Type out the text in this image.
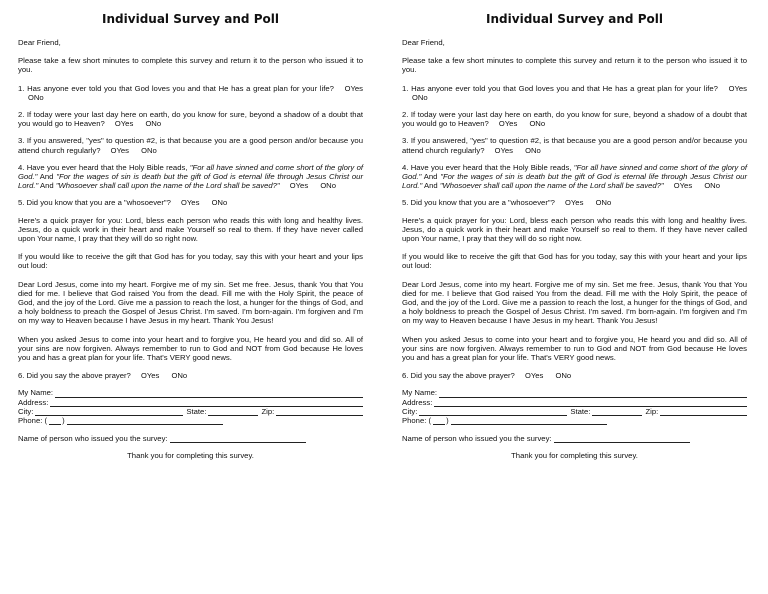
Individual Survey and Poll

Dear Friend,

Please take a few short minutes to complete this survey and return it to the person who issued it to you.

1. Has anyone ever told you that God loves you and that He has a great plan for your life? OYes ONo

2. If today were your last day here on earth, do you know for sure, beyond a shadow of a doubt that you would go to Heaven? OYes ONo

3. If you answered, "yes" to question #2, is that because you are a good person and/or because you attend church regularly? OYes ONo

4. Have you ever heard that the Holy Bible reads, "For all have sinned and come short of the glory of God." And "For the wages of sin is death but the gift of God is eternal life through Jesus Christ our Lord." And "Whosoever shall call upon the name of the Lord shall be saved?" OYes ONo

5. Did you know that you are a "whosoever"? OYes ONo

Here's a quick prayer for you: Lord, bless each person who reads this with long and healthy lives. Jesus, do a quick work in their heart and make Yourself so real to them. If they have never called upon Your name, I pray that they will do so right now.

If you would like to receive the gift that God has for you today, say this with your heart and your lips out loud:

Dear Lord Jesus, come into my heart. Forgive me of my sin. Set me free. Jesus, thank You that You died for me. I believe that God raised You from the dead. Fill me with the Holy Spirit, the peace of God, and the joy of the Lord. Give me a passion to reach the lost, a hunger for the things of God, and a holy boldness to preach the Gospel of Jesus Christ. I'm saved. I'm born-again. I'm forgiven and I'm on my way to Heaven because I have Jesus in my heart. Thank You Jesus!

When you asked Jesus to come into your heart and to forgive you, He heard you and did so. All of your sins are now forgiven. Always remember to run to God and NOT from God because He loves you and has a great plan for your life. That's VERY good news.

6. Did you say the above prayer? OYes ONo

My Name:
Address:
City:	State:	Zip:
Phone: ( )
Name of person who issued you the survey:
Thank you for completing this survey.
Individual Survey and Poll

Dear Friend,

Please take a few short minutes to complete this survey and return it to the person who issued it to you.

1. Has anyone ever told you that God loves you and that He has a great plan for your life? OYes ONo

2. If today were your last day here on earth, do you know for sure, beyond a shadow of a doubt that you would go to Heaven? OYes ONo

3. If you answered, "yes" to question #2, is that because you are a good person and/or because you attend church regularly? OYes ONo

4. Have you ever heard that the Holy Bible reads, "For all have sinned and come short of the glory of God." And "For the wages of sin is death but the gift of God is eternal life through Jesus Christ our Lord." And "Whosoever shall call upon the name of the Lord shall be saved?" OYes ONo

5. Did you know that you are a "whosoever"? OYes ONo

Here's a quick prayer for you: Lord, bless each person who reads this with long and healthy lives. Jesus, do a quick work in their heart and make Yourself so real to them. If they have never called upon Your name, I pray that they will do so right now.

If you would like to receive the gift that God has for you today, say this with your heart and your lips out loud:

Dear Lord Jesus, come into my heart. Forgive me of my sin. Set me free. Jesus, thank You that You died for me. I believe that God raised You from the dead. Fill me with the Holy Spirit, the peace of God, and the joy of the Lord. Give me a passion to reach the lost, a hunger for the things of God, and a holy boldness to preach the Gospel of Jesus Christ. I'm saved. I'm born-again. I'm forgiven and I'm on my way to Heaven because I have Jesus in my heart. Thank You Jesus!

When you asked Jesus to come into your heart and to forgive you, He heard you and did so. All of your sins are now forgiven. Always remember to run to God and NOT from God because He loves you and has a great plan for your life. That's VERY good news.

6. Did you say the above prayer? OYes ONo

My Name:
Address:
City:	State:	Zip:
Phone: ( )
Name of person who issued you the survey:
Thank you for completing this survey.
